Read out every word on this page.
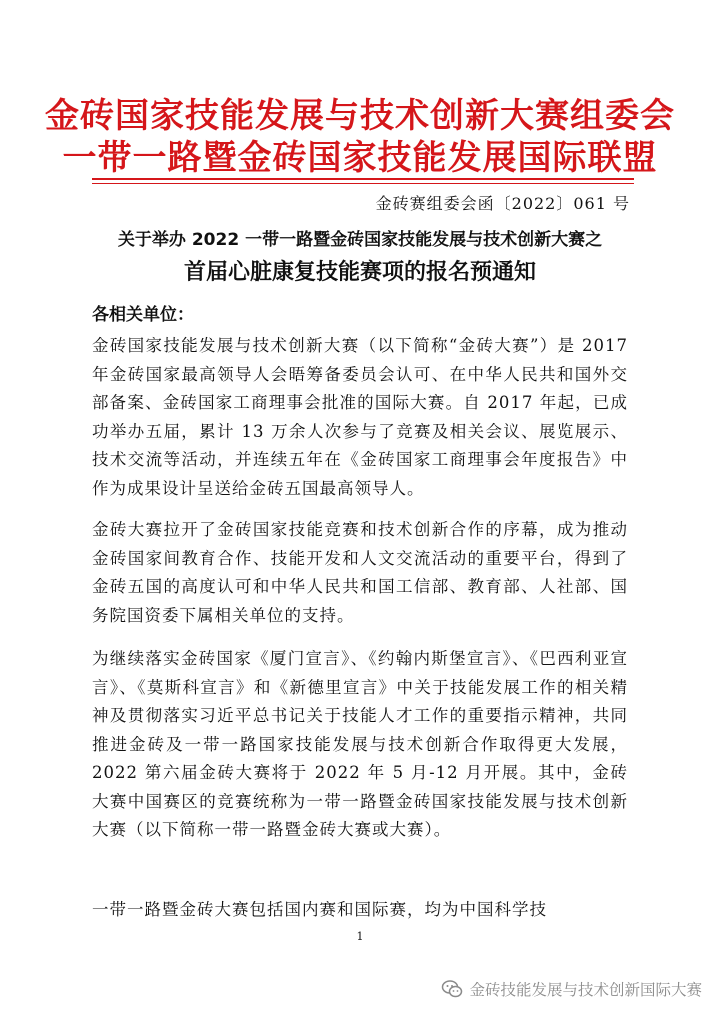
金砖国家技能发展与技术创新大赛组委会
一带一路暨金砖国家技能发展国际联盟
金砖赛组委会函〔2022〕061 号
关于举办 2022 一带一路暨金砖国家技能发展与技术创新大赛之
首届心脏康复技能赛项的报名预通知
各相关单位：

金砖国家技能发展与技术创新大赛（以下简称“金砖大赛”）是 2017 年金砖国家最高领导人会晤筹备委员会认可、在中华人民共和国外交部备案、金砖国家工商理事会批准的国际大赛。自 2017 年起，已成功举办五届，累计 13 万余人次参与了竞赛及相关会议、展览展示、技术交流等活动，并连续五年在《金砖国家工商理事会年度报告》中作为成果设计呈送给金砖五国最高领导人。

金砖大赛拉开了金砖国家技能竞赛和技术创新合作的序幕，成为推动金砖国家间教育合作、技能开发和人文交流活动的重要平台，得到了金砖五国的高度认可和中华人民共和国工信部、教育部、人社部、国务院国资委下属相关单位的支持。

为继续落实金砖国家《厦门宣言》、《约翰内斯堡宣言》、《巴西利亚宣言》、《莫斯科宣言》和《新德里宣言》中关于技能发展工作的相关精神及贯彻落实习近平总书记关于技能人才工作的重要指示精神，共同推进金砖及一带一路国家技能发展与技术创新合作取得更大发展，2022 第六届金砖大赛将于 2022 年 5 月-12 月开展。其中，金砖大赛中国赛区的竞赛统称为一带一路暨金砖国家技能发展与技术创新大赛（以下简称一带一路暨金砖大赛或大赛）。

一带一路暨金砖大赛包括国内赛和国际赛，均为中国科学技

1
金砖技能发展与技术创新国际大赛
